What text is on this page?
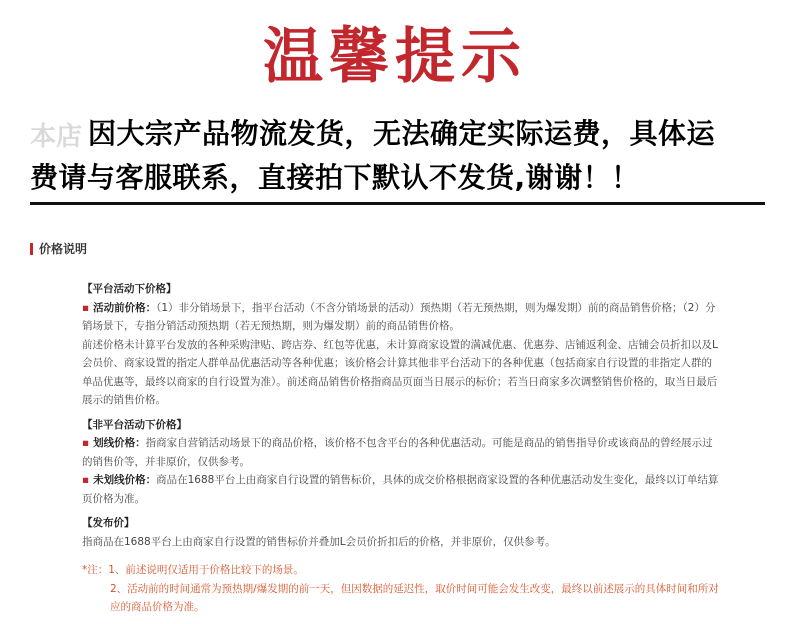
温馨提示
本店 因大宗产品物流发货，无法确定实际运费，具体运
费请与客服联系，直接拍下默认不发货,谢谢！！
价格说明

【平台活动下价格】

▪ 活动前价格：（1）非分销场景下，指平台活动（不含分销场景的活动）预热期（若无预热期，则为爆发期）前的商品销售价格；（2）分销场景下，专指分销活动预热期（若无预热期，则为爆发期）前的商品销售价格。

前述价格未计算平台发放的各种采购津贴、跨店券、红包等优惠，未计算商家设置的满减优惠、优惠券、店铺返利金、店铺会员折扣以及L会员价、商家设置的指定人群单品优惠活动等各种优惠；该价格会计算其他非平台活动下的各种优惠（包括商家自行设置的非指定人群的单品优惠等，最终以商家的自行设置为准）。前述商品销售价格指商品页面当日展示的标价；若当日商家多次调整销售价格的，取当日最后展示的销售价格。

【非平台活动下价格】

▪ 划线价格：指商家自营销活动场景下的商品价格，该价格不包含平台的各种优惠活动。可能是商品的销售指导价或该商品的曾经展示过的销售价等，并非原价，仅供参考。

▪ 未划线价格：商品在1688平台上由商家自行设置的销售标价，具体的成交价格根据商家设置的各种优惠活动发生变化，最终以订单结算页价格为准。

【发布价】

指商品在1688平台上由商家自行设置的销售标价并叠加L会员价折扣后的价格，并非原价，仅供参考。

*注：1、前述说明仅适用于价格比较下的场景。

2、活动前的时间通常为预热期/爆发期的前一天，但因数据的延迟性，取价时间可能会发生改变，最终以前述展示的具体时间和所对应的商品价格为准。
